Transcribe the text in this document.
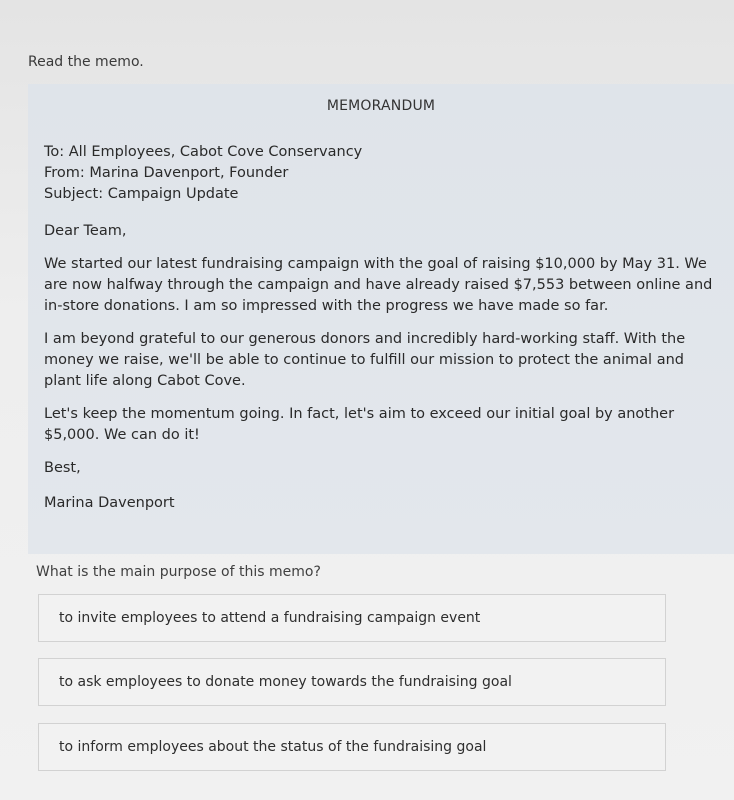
Read the memo.
MEMORANDUM
To: All Employees, Cabot Cove Conservancy
From: Marina Davenport, Founder
Subject: Campaign Update

Dear Team,

We started our latest fundraising campaign with the goal of raising $10,000 by May 31. We are now halfway through the campaign and have already raised $7,553 between online and in-store donations. I am so impressed with the progress we have made so far.

I am beyond grateful to our generous donors and incredibly hard-working staff. With the money we raise, we'll be able to continue to fulfill our mission to protect the animal and plant life along Cabot Cove.

Let's keep the momentum going. In fact, let's aim to exceed our initial goal by another $5,000. We can do it!

Best,

Marina Davenport

What is the main purpose of this memo?
to invite employees to attend a fundraising campaign event
to ask employees to donate money towards the fundraising goal
to inform employees about the status of the fundraising goal
